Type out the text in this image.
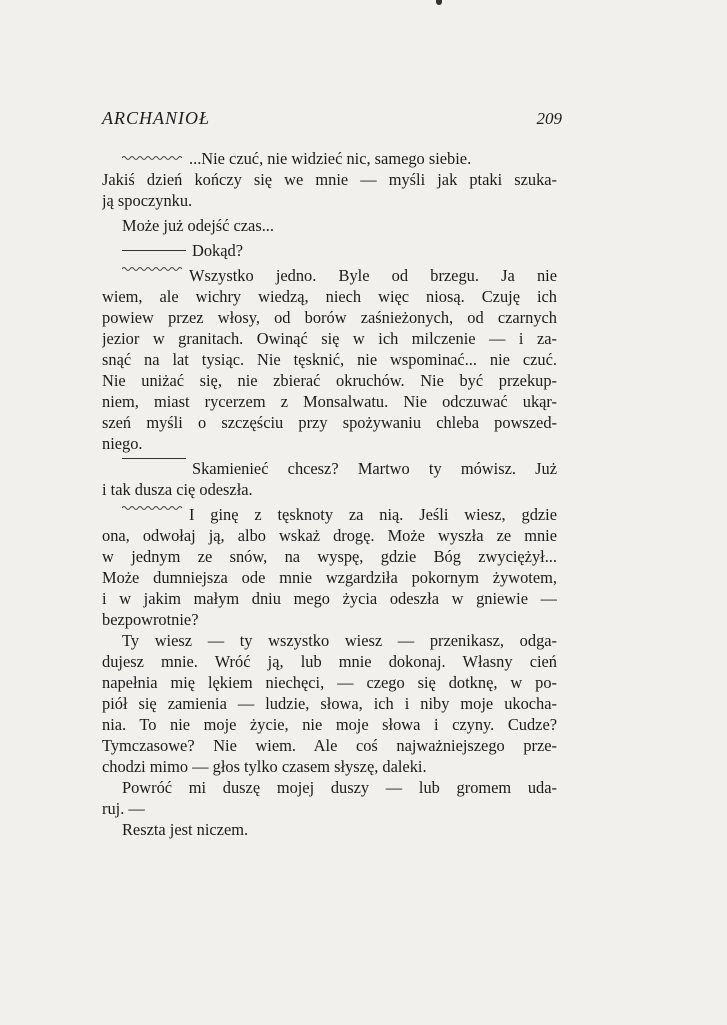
ARCHANIOŁ	209
...Nie czuć, nie widzieć nic, samego siebie.
Jakiś dzień kończy się we mnie — myśli jak ptaki szuka-
ją spoczynku.
Może już odejść czas...
Dokąd?
Wszystko jedno. Byle od brzegu. Ja nie
wiem, ale wichry wiedzą, niech więc niosą. Czuję ich
powiew przez włosy, od borów zaśnieżonych, od czarnych
jezior w granitach. Owinąć się w ich milczenie — i za-
snąć na lat tysiąc. Nie tęsknić, nie wspominać... nie czuć.
Nie uniżać się, nie zbierać okruchów. Nie być przekup-
niem, miast rycerzem z Monsalwatu. Nie odczuwać ukąr-
szeń myśli o szczęściu przy spożywaniu chleba powszed-
niego.
Skamienieć chcesz? Martwo ty mówisz. Już
i tak dusza cię odeszła.
I ginę z tęsknoty za nią. Jeśli wiesz, gdzie
ona, odwołaj ją, albo wskaż drogę. Może wyszła ze mnie
w jednym ze snów, na wyspę, gdzie Bóg zwyciężył...
Może dumniejsza ode mnie wzgardziła pokornym żywotem,
i w jakim małym dniu mego życia odeszła w gniewie —
bezpowrotnie?
Ty wiesz — ty wszystko wiesz — przenikasz, odga-
dujesz mnie. Wróć ją, lub mnie dokonaj. Własny cień
napełnia mię lękiem niechęci, — czego się dotknę, w po-
piół się zamienia — ludzie, słowa, ich i niby moje ukocha-
nia. To nie moje życie, nie moje słowa i czyny. Cudze?
Tymczasowe? Nie wiem. Ale coś najważniejszego prze-
chodzi mimo — głos tylko czasem słyszę, daleki.
Powróć mi duszę mojej duszy — lub gromem uda-
ruj. —
Reszta jest niczem.
